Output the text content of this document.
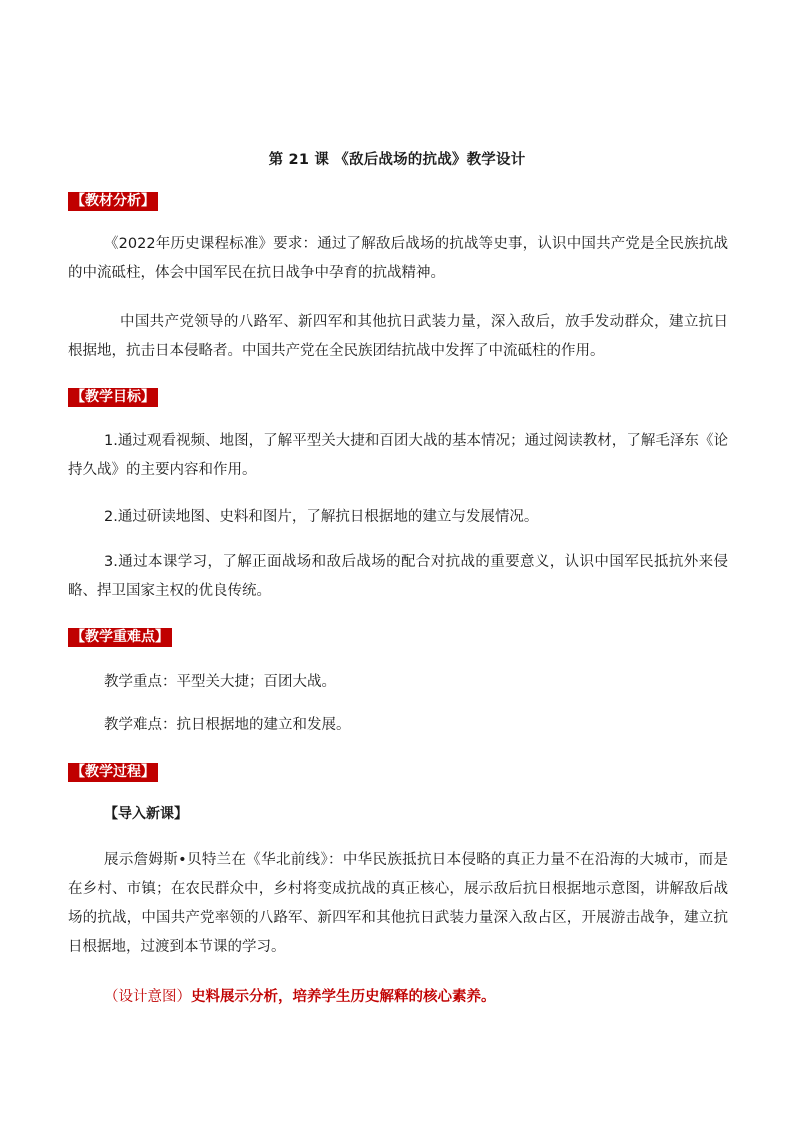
第 21 课 《敌后战场的抗战》教学设计
【教材分析】
《2022年历史课程标准》要求：通过了解敌后战场的抗战等史事，认识中国共产党是全民族抗战的中流砥柱，体会中国军民在抗日战争中孕育的抗战精神。
中国共产党领导的八路军、新四军和其他抗日武装力量，深入敌后，放手发动群众，建立抗日根据地，抗击日本侵略者。中国共产党在全民族团结抗战中发挥了中流砥柱的作用。
【教学目标】
1.通过观看视频、地图，了解平型关大捷和百团大战的基本情况；通过阅读教材，了解毛泽东《论持久战》的主要内容和作用。
2.通过研读地图、史料和图片，了解抗日根据地的建立与发展情况。
3.通过本课学习，了解正面战场和敌后战场的配合对抗战的重要意义，认识中国军民抵抗外来侵略、捍卫国家主权的优良传统。
【教学重难点】
教学重点：平型关大捷；百团大战。
教学难点：抗日根据地的建立和发展。
【教学过程】
【导入新课】
展示詹姆斯•贝特兰在《华北前线》：中华民族抵抗日本侵略的真正力量不在沿海的大城市，而是在乡村、市镇；在农民群众中，乡村将变成抗战的真正核心，展示敌后抗日根据地示意图，讲解敌后战场的抗战，中国共产党率领的八路军、新四军和其他抗日武装力量深入敌占区，开展游击战争，建立抗日根据地，过渡到本节课的学习。
（设计意图）史料展示分析，培养学生历史解释的核心素养。
